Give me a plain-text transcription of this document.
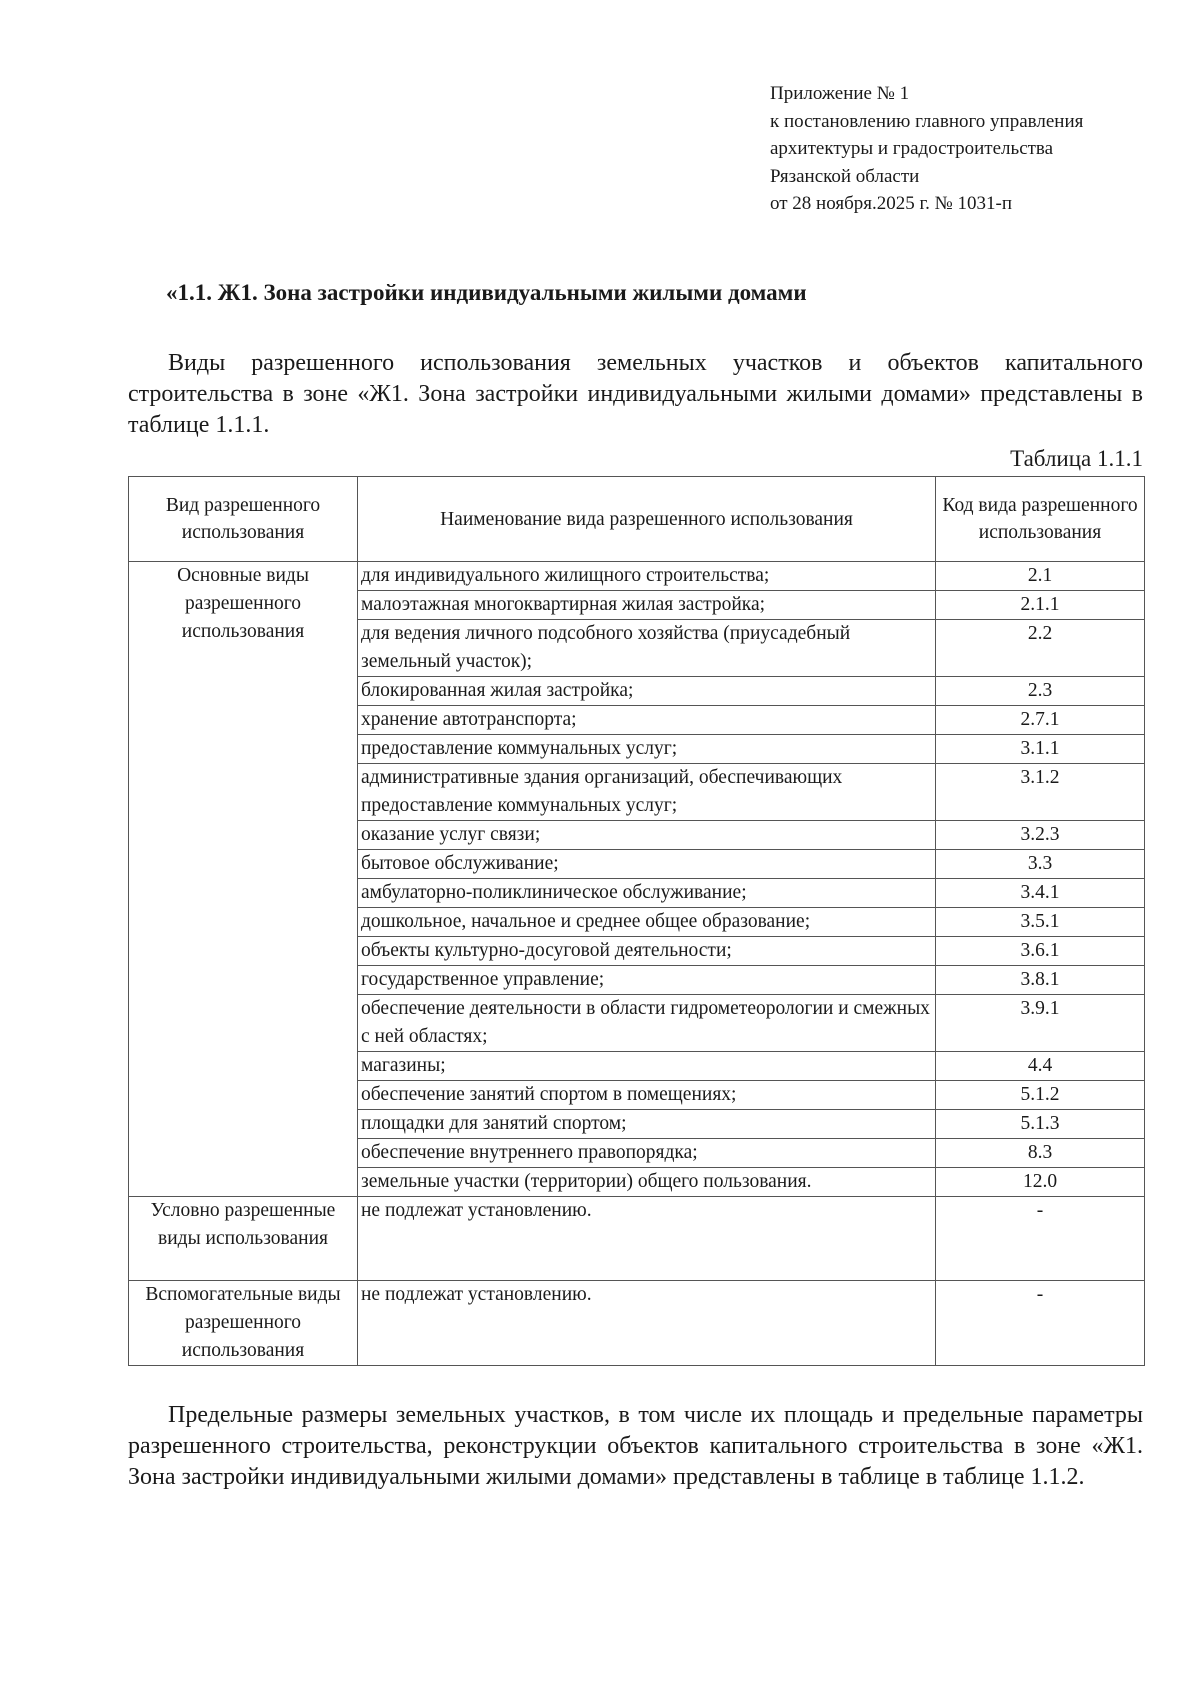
Приложение № 1
к постановлению главного управления
архитектуры и градостроительства
Рязанской области
от 28 ноября.2025 г. № 1031-п
«1.1. Ж1. Зона застройки индивидуальными жилыми домами
Виды разрешенного использования земельных участков и объектов капитального строительства в зоне «Ж1. Зона застройки индивидуальными жилыми домами» представлены в таблице 1.1.1.
Таблица 1.1.1
Вид разрешенного использования	Наименование вида разрешенного использования	Код вида разрешенного использования
Основные виды разрешенного использования	для индивидуального жилищного строительства;	2.1
	малоэтажная многоквартирная жилая застройка;	2.1.1
	для ведения личного подсобного хозяйства (приусадебный земельный участок);	2.2
	блокированная жилая застройка;	2.3
	хранение автотранспорта;	2.7.1
	предоставление коммунальных услуг;	3.1.1
	административные здания организаций, обеспечивающих предоставление коммунальных услуг;	3.1.2
	оказание услуг связи;	3.2.3
	бытовое обслуживание;	3.3
	амбулаторно-поликлиническое обслуживание;	3.4.1
	дошкольное, начальное и среднее общее образование;	3.5.1
	объекты культурно-досуговой деятельности;	3.6.1
	государственное управление;	3.8.1
	обеспечение деятельности в области гидрометеорологии и смежных с ней областях;	3.9.1
	магазины;	4.4
	обеспечение занятий спортом в помещениях;	5.1.2
	площадки для занятий спортом;	5.1.3
	обеспечение внутреннего правопорядка;	8.3
	земельные участки (территории) общего пользования.	12.0
Условно разрешенные виды использования	не подлежат установлению.	-
Вспомогательные виды разрешенного использования	не подлежат установлению.	-
Предельные размеры земельных участков, в том числе их площадь и предельные параметры разрешенного строительства, реконструкции объектов капитального строительства в зоне «Ж1. Зона застройки индивидуальными жилыми домами» представлены в таблице в таблице 1.1.2.
